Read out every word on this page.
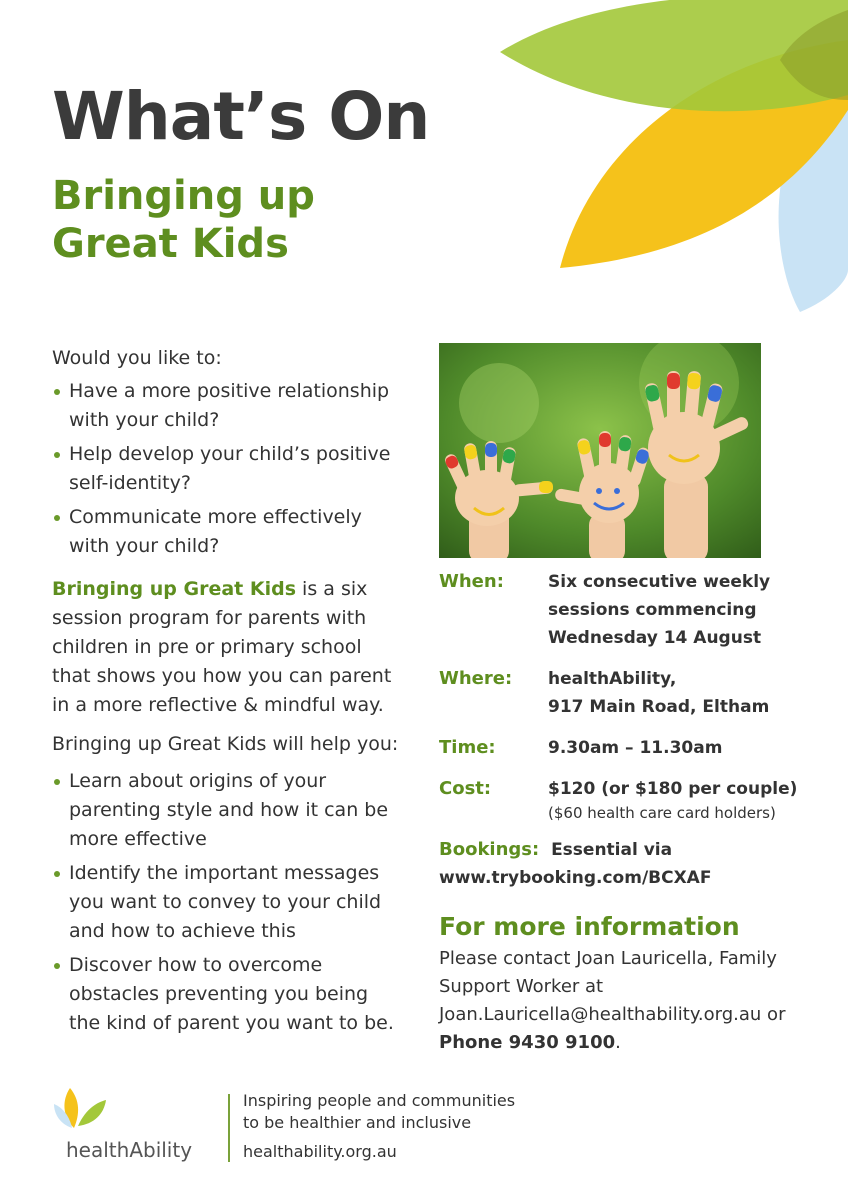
What’s On
Bringing up
Great Kids
Would you like to:
Have a more positive relationship
with your child?
Help develop your child’s positive
self-identity?
Communicate more effectively
with your child?
Bringing up Great Kids is a six
session program for parents with
children in pre or primary school
that shows you how you can parent
in a more reflective & mindful way.
Bringing up Great Kids will help you:
Learn about origins of your
parenting style and how it can be
more effective
Identify the important messages
you want to convey to your child
and how to achieve this
Discover how to overcome
obstacles preventing you being
the kind of parent you want to be.
When:	Six consecutive weekly
sessions commencing
Wednesday 14 August
Where: healthAbility,
917 Main Road, Eltham
Time:	9.30am – 11.30am
Cost:	$120 (or $180 per couple)
($60 health care card holders)
Bookings: Essential via
www.trybooking.com/BCXAF
For more information
Please contact Joan Lauricella, Family
Support Worker at
Joan.Lauricella@healthability.org.au or
Phone 9430 9100.
healthAbility
Inspiring people and communities
to be healthier and inclusive
healthability.org.au
